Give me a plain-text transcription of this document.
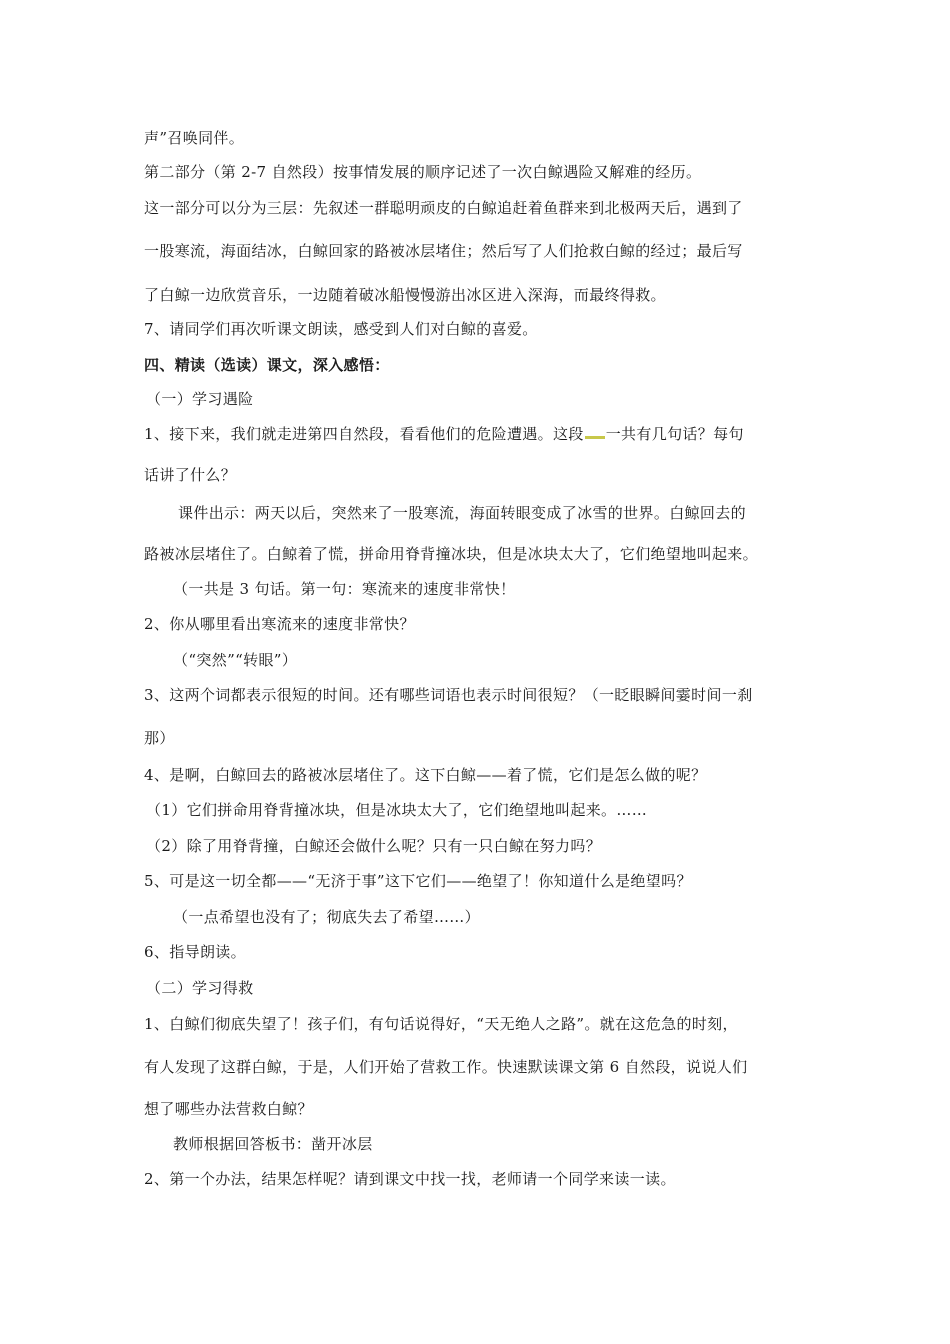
声”召唤同伴。
第二部分（第 2-7 自然段）按事情发展的顺序记述了一次白鲸遇险又解难的经历。
这一部分可以分为三层：先叙述一群聪明顽皮的白鲸追赶着鱼群来到北极两天后，遇到了
一股寒流，海面结冰，白鲸回家的路被冰层堵住；然后写了人们抢救白鲸的经过；最后写
了白鲸一边欣赏音乐，一边随着破冰船慢慢游出冰区进入深海，而最终得救。
7、请同学们再次听课文朗读，感受到人们对白鲸的喜爱。
四、精读（选读）课文，深入感悟：
（一）学习遇险
1、接下来，我们就走进第四自然段，看看他们的危险遭遇。这段 一共有几句话？每句
话讲了什么？
课件出示：两天以后，突然来了一股寒流，海面转眼变成了冰雪的世界。白鲸回去的
路被冰层堵住了。白鲸着了慌，拼命用脊背撞冰块，但是冰块太大了，它们绝望地叫起来。
（一共是 3 句话。第一句：寒流来的速度非常快！
2、你从哪里看出寒流来的速度非常快？
（“突然”“转眼”）
3、这两个词都表示很短的时间。还有哪些词语也表示时间很短？（一眨眼瞬间霎时间一刹
那）
4、是啊，白鲸回去的路被冰层堵住了。这下白鲸——着了慌，它们是怎么做的呢？
（1）它们拼命用脊背撞冰块，但是冰块太大了，它们绝望地叫起来。……
（2）除了用脊背撞，白鲸还会做什么呢？只有一只白鲸在努力吗？
5、可是这一切全都——“无济于事”这下它们——绝望了！你知道什么是绝望吗？
（一点希望也没有了；彻底失去了希望……）
6、指导朗读。
（二）学习得救
1、白鲸们彻底失望了！孩子们，有句话说得好，“天无绝人之路”。就在这危急的时刻，
有人发现了这群白鲸，于是，人们开始了营救工作。快速默读课文第 6 自然段，说说人们
想了哪些办法营救白鲸？
教师根据回答板书：凿开冰层
2、第一个办法，结果怎样呢？请到课文中找一找，老师请一个同学来读一读。
